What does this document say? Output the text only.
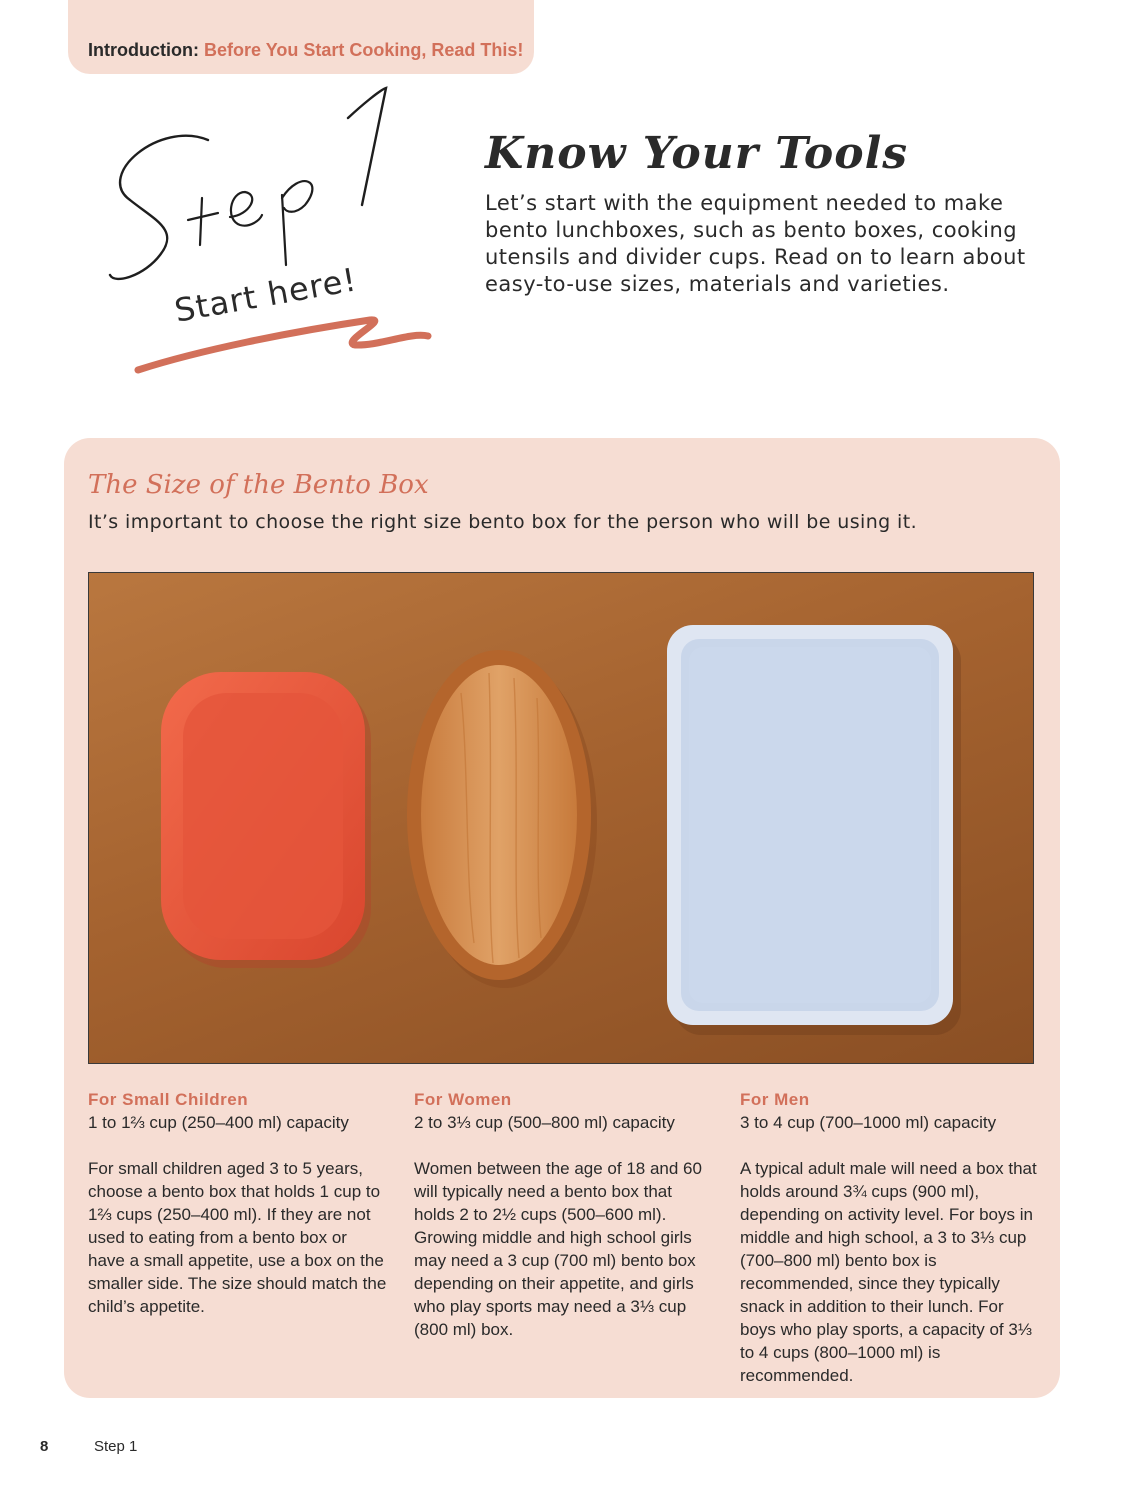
Introduction: Before You Start Cooking, Read This!
Start here!
Know Your Tools
Let’s start with the equipment needed to make bento lunchboxes, such as bento boxes, cooking utensils and divider cups. Read on to learn about easy-to-use sizes, materials and varieties.
The Size of the Bento Box
It’s important to choose the right size bento box for the person who will be using it.
For Small Children
1 to 1⅔ cup (250–400 ml) capacity
For small children aged 3 to 5 years, choose a bento box that holds 1 cup to 1⅔ cups (250–400 ml). If they are not used to eating from a bento box or have a small appetite, use a box on the smaller side. The size should match the child’s appetite.
For Women
2 to 3⅓ cup (500–800 ml) capacity
Women between the age of 18 and 60 will typically need a bento box that holds 2 to 2½ cups (500–600 ml). Growing middle and high school girls may need a 3 cup (700 ml) bento box depending on their appetite, and girls who play sports may need a 3⅓ cup (800 ml) box.
For Men
3 to 4 cup (700–1000 ml) capacity
A typical adult male will need a box that holds around 3¾ cups (900 ml), depending on activity level. For boys in middle and high school, a 3 to 3⅓ cup (700–800 ml) bento box is recommended, since they typically snack in addition to their lunch. For boys who play sports, a capacity of 3⅓ to 4 cups (800–1000 ml) is recommended.
8	Step 1
